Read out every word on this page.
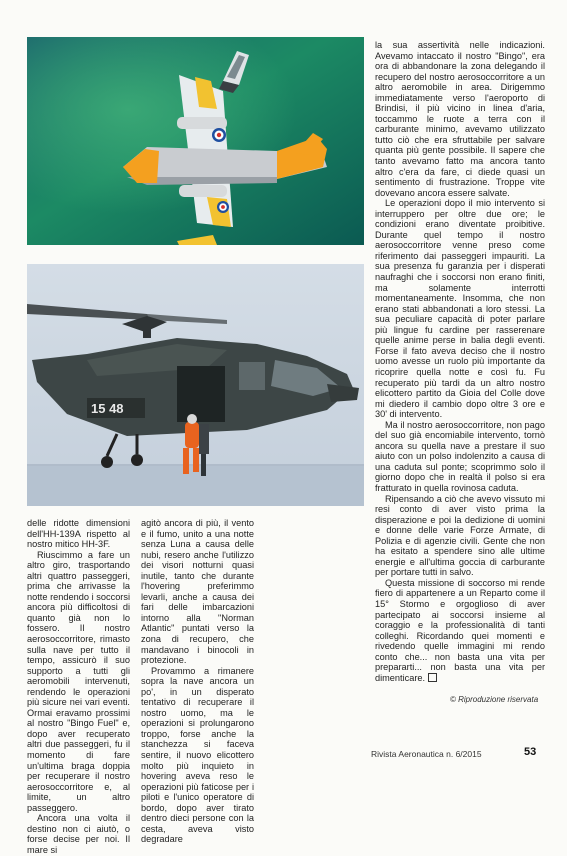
15 48

delle ridotte dimensioni dell'HH-139A rispetto al nostro mitico HH-3F.

Riuscimmo a fare un altro giro, trasportando altri quattro passeggeri, prima che arrivasse la notte rendendo i soccorsi ancora più difficoltosi di quanto già non lo fossero. Il nostro aerosoccorritore, rimasto sulla nave per tutto il tempo, assicurò il suo supporto a tutti gli aeromobili intervenuti, rendendo le operazioni più sicure nei vari eventi. Ormai eravamo prossimi al nostro "Bingo Fuel" e, dopo aver recuperato altri due passeggeri, fu il momento di fare un'ultima braga doppia per recuperare il nostro aerosoccorritore e, al limite, un altro passeggero.

Ancora una volta il destino non ci aiutò, o forse decise per noi. Il mare si

agitò ancora di più, il vento e il fumo, unito a una notte senza Luna a causa delle nubi, resero anche l'utilizzo dei visori notturni quasi inutile, tanto che durante l'hovering preferimmo levarli, anche a causa dei fari delle imbarcazioni intorno alla "Norman Atlantic" puntati verso la zona di recupero, che mandavano i binocoli in protezione.

Provammo a rimanere sopra la nave ancora un po', in un disperato tentativo di recuperare il nostro uomo, ma le operazioni si prolungarono troppo, forse anche la stanchezza si faceva sentire, il nuovo elicottero molto più inquieto in hovering aveva reso le operazioni più faticose per i piloti e l'unico operatore di bordo, dopo aver tirato dentro dieci persone con la cesta, aveva visto degradare

la sua assertività nelle indicazioni. Avevamo intaccato il nostro "Bingo", era ora di abbandonare la zona delegando il recupero del nostro aerosoccorritore a un altro aeromobile in area. Dirigemmo immediatamente verso l'aeroporto di Brindisi, il più vicino in linea d'aria, toccammo le ruote a terra con il carburante minimo, avevamo utilizzato tutto ciò che era sfruttabile per salvare quanta più gente possibile. Il sapere che tanto avevamo fatto ma ancora tanto altro c'era da fare, ci diede quasi un sentimento di frustrazione. Troppe vite dovevano ancora essere salvate.

Le operazioni dopo il mio intervento si interruppero per oltre due ore; le condizioni erano diventate proibitive. Durante quel tempo il nostro aerosoccorritore venne preso come riferimento dai passeggeri impauriti. La sua presenza fu garanzia per i disperati naufraghi che i soccorsi non erano finiti, ma solamente interrotti momentaneamente. Insomma, che non erano stati abbandonati a loro stessi. La sua peculiare capacità di poter parlare più lingue fu cardine per rasserenare quelle anime perse in balia degli eventi. Forse il fato aveva deciso che il nostro uomo avesse un ruolo più importante da ricoprire quella notte e così fu. Fu recuperato più tardi da un altro nostro elicottero partito da Gioia del Colle dove mi diedero il cambio dopo oltre 3 ore e 30' di intervento.

Ma il nostro aerosoccorritore, non pago del suo già encomiabile intervento, tornò ancora su quella nave a prestare il suo aiuto con un polso indolenzito a causa di una caduta sul ponte; scoprimmo solo il giorno dopo che in realtà il polso si era fratturato in quella rovinosa caduta.

Ripensando a ciò che avevo vissuto mi resi conto di aver visto prima la disperazione e poi la dedizione di uomini e donne delle varie Forze Armate, di Polizia e di agenzie civili. Gente che non ha esitato a spendere sino alle ultime energie e all'ultima goccia di carburante per portare tutti in salvo.

Questa missione di soccorso mi rende fiero di appartenere a un Reparto come il 15° Stormo e orgoglioso di aver partecipato ai soccorsi insieme al coraggio e la professionalità di tanti colleghi. Ricordando quei momenti e rivedendo quelle immagini mi rendo conto che... non basta una vita per prepararti... non basta una vita per dimenticare.

© Riproduzione riservata
Rivista Aeronautica n. 6/2015	53
